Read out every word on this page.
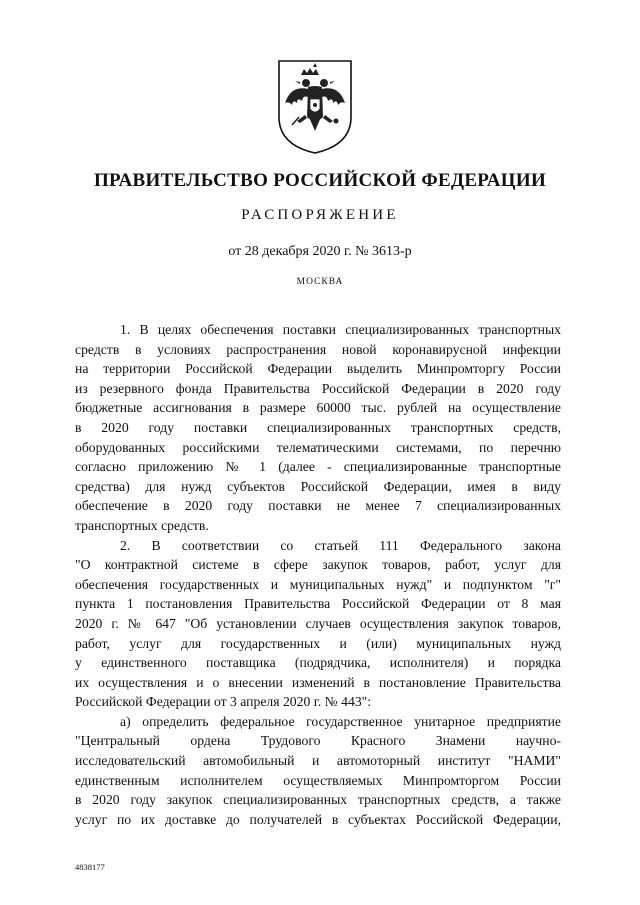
ПРАВИТЕЛЬСТВО РОССИЙСКОЙ ФЕДЕРАЦИИ
РАСПОРЯЖЕНИЕ
от 28 декабря 2020 г. № 3613-р
МОСКВА

1. В целях обеспечения поставки специализированных транспортных

средств в условиях распространения новой коронавирусной инфекции

на территории Российской Федерации выделить Минпромторгу России

из резервного фонда Правительства Российской Федерации в 2020 году

бюджетные ассигнования в размере 60000 тыс. рублей на осуществление

в 2020 году поставки специализированных транспортных средств,

оборудованных российскими телематическими системами, по перечню

согласно приложению № 1 (далее - специализированные транспортные

средства) для нужд субъектов Российской Федерации, имея в виду

обеспечение в 2020 году поставки не менее 7 специализированных

транспортных средств.

2. В соответствии со статьей 111 Федерального закона

"О контрактной системе в сфере закупок товаров, работ, услуг для

обеспечения государственных и муниципальных нужд" и подпунктом "г"

пункта 1 постановления Правительства Российской Федерации от 8 мая

2020 г. № 647 "Об установлении случаев осуществления закупок товаров,

работ, услуг для государственных и (или) муниципальных нужд

у единственного поставщика (подрядчика, исполнителя) и порядка

их осуществления и о внесении изменений в постановление Правительства

Российской Федерации от 3 апреля 2020 г. № 443":

а) определить федеральное государственное унитарное предприятие

"Центральный ордена Трудового Красного Знамени научно-

исследовательский автомобильный и автомоторный институт "НАМИ"

единственным исполнителем осуществляемых Минпромторгом России

в 2020 году закупок специализированных транспортных средств, а также

услуг по их доставке до получателей в субъектах Российской Федерации,

4838177
